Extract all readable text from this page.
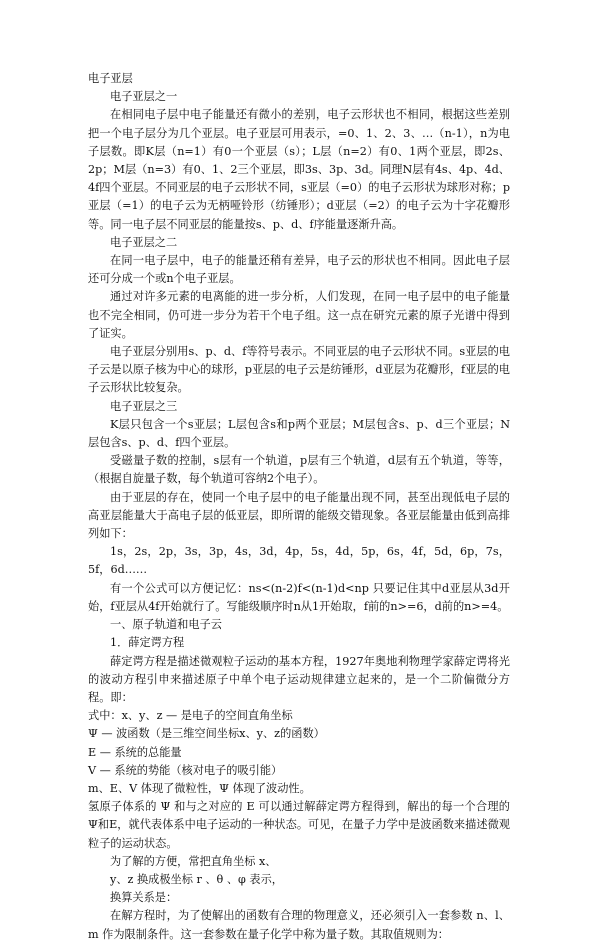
电子亚层

电子亚层之一

在相同电子层中电子能量还有微小的差别，电子云形状也不相同，根据这些差别把一个电子层分为几个亚层。电子亚层可用表示，=0、1、2、3、…（n-1），n为电子层数。即K层（n=1）有0一个亚层（s）；L层（n=2）有0、1两个亚层，即2s、2p；M层（n=3）有0、1、2三个亚层，即3s、3p、3d。同理N层有4s、4p、4d、4f四个亚层。不同亚层的电子云形状不同，s亚层（=0）的电子云形状为球形对称；p亚层（=1）的电子云为无柄哑铃形（纺锤形）；d亚层（=2）的电子云为十字花瓣形等。同一电子层不同亚层的能量按s、p、d、f序能量逐渐升高。

电子亚层之二

在同一电子层中，电子的能量还稍有差异，电子云的形状也不相同。因此电子层还可分成一个或n个电子亚层。

通过对许多元素的电离能的进一步分析，人们发现，在同一电子层中的电子能量也不完全相同，仍可进一步分为若干个电子组。这一点在研究元素的原子光谱中得到了证实。

电子亚层分别用s、p、d、f等符号表示。不同亚层的电子云形状不同。s亚层的电子云是以原子核为中心的球形，p亚层的电子云是纺锤形，d亚层为花瓣形，f亚层的电子云形状比较复杂。

电子亚层之三

K层只包含一个s亚层；L层包含s和p两个亚层；M层包含s、p、d三个亚层；N层包含s、p、d、f四个亚层。

受磁量子数的控制，s层有一个轨道，p层有三个轨道，d层有五个轨道，等等，（根据自旋量子数，每个轨道可容纳2个电子）。

由于亚层的存在，使同一个电子层中的电子能量出现不同，甚至出现低电子层的高亚层能量大于高电子层的低亚层，即所谓的能级交错现象。各亚层能量由低到高排列如下：

1s，2s，2p，3s，3p，4s，3d，4p，5s，4d，5p，6s，4f，5d，6p，7s，5f，6d……

有一个公式可以方便记忆：ns<(n-2)f<(n-1)d<np 只要记住其中d亚层从3d开始，f亚层从4f开始就行了。写能级顺序时n从1开始取，f前的n>=6，d前的n>=4。

一、原子轨道和电子云

1．薛定谔方程

薛定谔方程是描述微观粒子运动的基本方程，1927年奥地利物理学家薛定谔将光的波动方程引申来描述原子中单个电子运动规律建立起来的，是一个二阶偏微分方程。即：

式中：x、y、z — 是电子的空间直角坐标

Ψ — 波函数（是三维空间坐标x、y、z的函数）

E — 系统的总能量

V — 系统的势能（核对电子的吸引能）

m、E、V 体现了微粒性，Ψ 体现了波动性。

氢原子体系的 Ψ 和与之对应的 E 可以通过解薛定谔方程得到，解出的每一个合理的Ψ和E，就代表体系中电子运动的一种状态。可见，在量子力学中是波函数来描述微观粒子的运动状态。

为了解的方便，常把直角坐标 x、

y、z 换成极坐标 r 、θ 、φ 表示，

换算关系是：

在解方程时，为了使解出的函数有合理的物理意义，还必须引入一套参数 n、l、m 作为限制条件。这一套参数在量子化学中称为量子数。其取值规则为：
